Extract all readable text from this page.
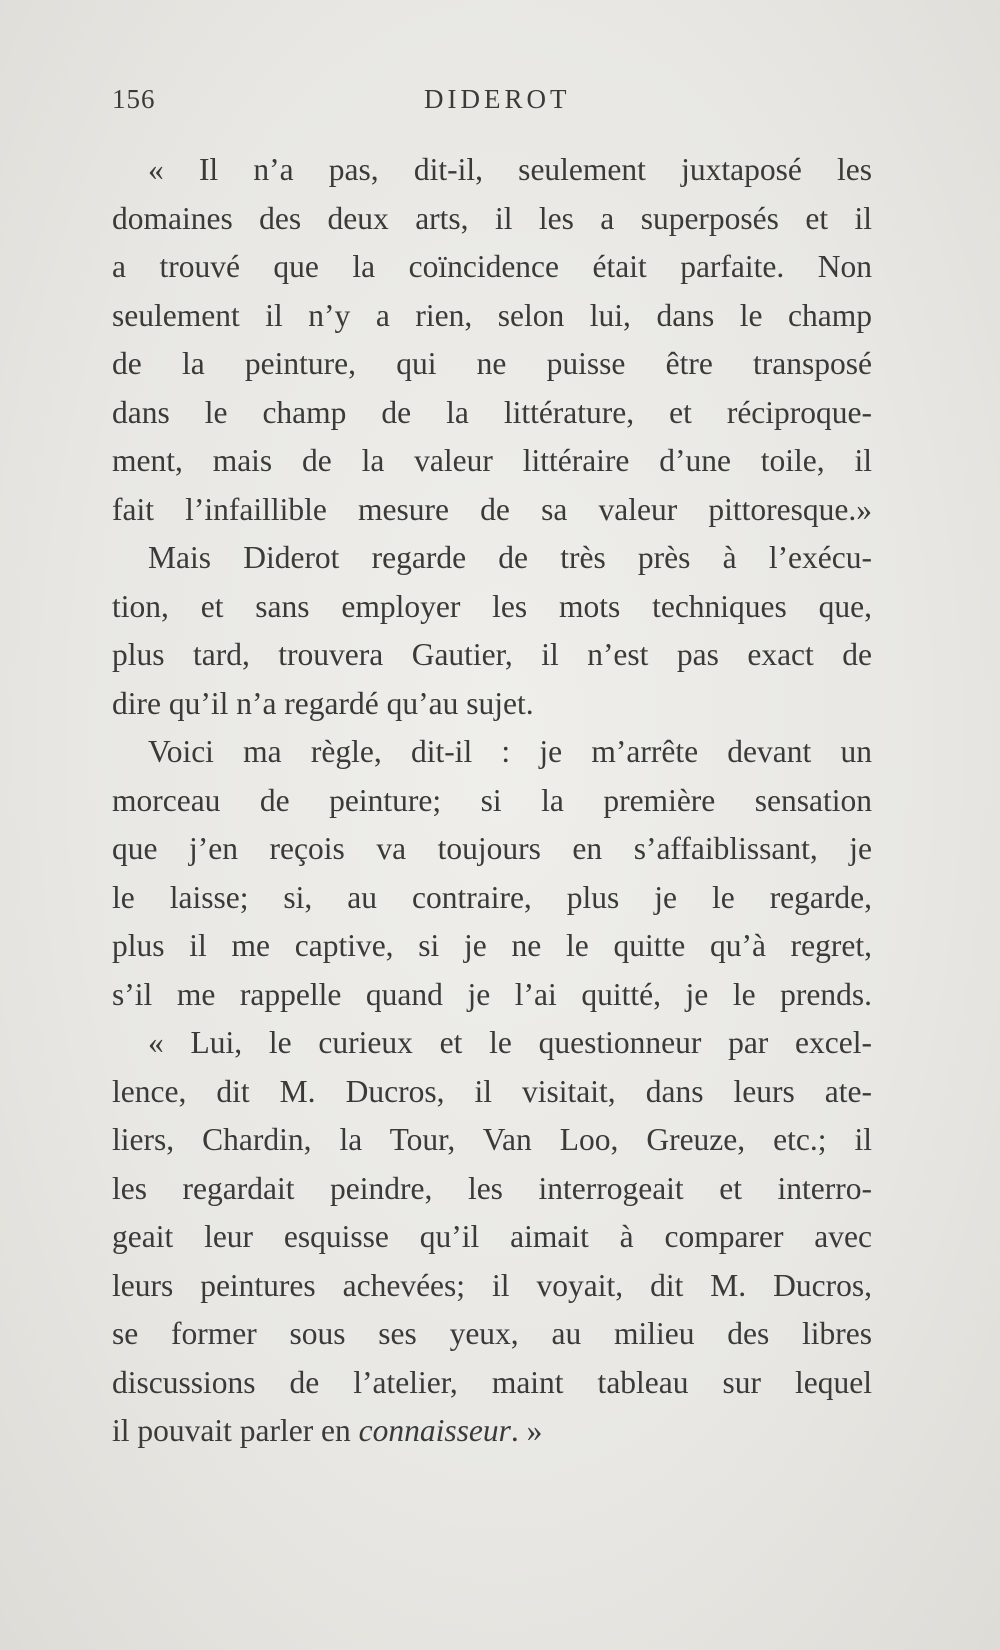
156	DIDEROT
« Il n’a pas, dit-il, seulement juxtaposé les
domaines des deux arts, il les a superposés et il
a trouvé que la coïncidence était parfaite. Non
seulement il n’y a rien, selon lui, dans le champ
de la peinture, qui ne puisse être transposé
dans le champ de la littérature, et réciproque-
ment, mais de la valeur littéraire d’une toile, il
fait l’infaillible mesure de sa valeur pittoresque.»
Mais Diderot regarde de très près à l’exécu-
tion, et sans employer les mots techniques que,
plus tard, trouvera Gautier, il n’est pas exact de
dire qu’il n’a regardé qu’au sujet.
Voici ma règle, dit-il : je m’arrête devant un
morceau de peinture; si la première sensation
que j’en reçois va toujours en s’affaiblissant, je
le laisse; si, au contraire, plus je le regarde,
plus il me captive, si je ne le quitte qu’à regret,
s’il me rappelle quand je l’ai quitté, je le prends.
« Lui, le curieux et le questionneur par excel-
lence, dit M. Ducros, il visitait, dans leurs ate-
liers, Chardin, la Tour, Van Loo, Greuze, etc.; il
les regardait peindre, les interrogeait et interro-
geait leur esquisse qu’il aimait à comparer avec
leurs peintures achevées; il voyait, dit M. Ducros,
se former sous ses yeux, au milieu des libres
discussions de l’atelier, maint tableau sur lequel
il pouvait parler en connaisseur. »
